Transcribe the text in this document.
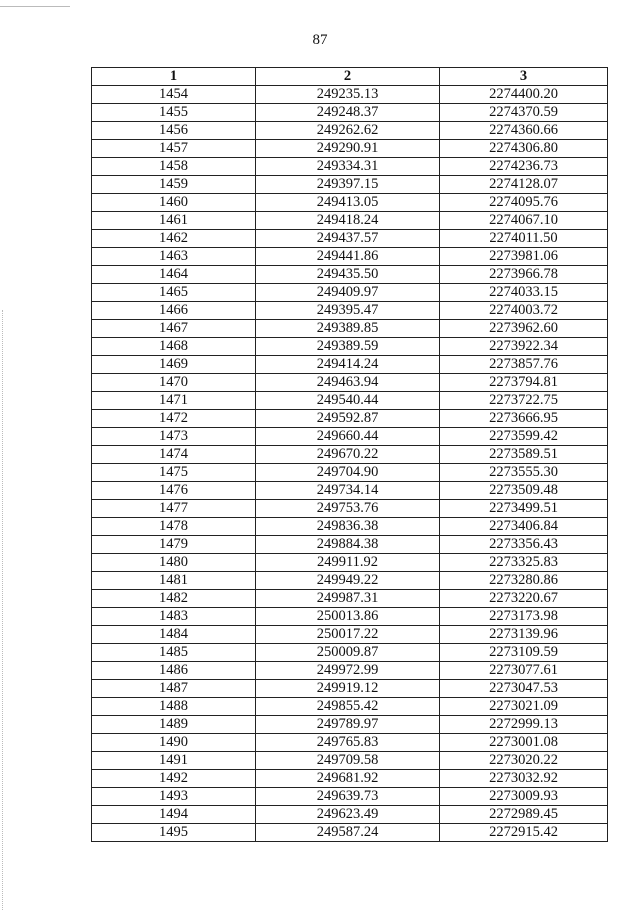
87
1	2	3
1454	249235.13	2274400.20
1455	249248.37	2274370.59
1456	249262.62	2274360.66
1457	249290.91	2274306.80
1458	249334.31	2274236.73
1459	249397.15	2274128.07
1460	249413.05	2274095.76
1461	249418.24	2274067.10
1462	249437.57	2274011.50
1463	249441.86	2273981.06
1464	249435.50	2273966.78
1465	249409.97	2274033.15
1466	249395.47	2274003.72
1467	249389.85	2273962.60
1468	249389.59	2273922.34
1469	249414.24	2273857.76
1470	249463.94	2273794.81
1471	249540.44	2273722.75
1472	249592.87	2273666.95
1473	249660.44	2273599.42
1474	249670.22	2273589.51
1475	249704.90	2273555.30
1476	249734.14	2273509.48
1477	249753.76	2273499.51
1478	249836.38	2273406.84
1479	249884.38	2273356.43
1480	249911.92	2273325.83
1481	249949.22	2273280.86
1482	249987.31	2273220.67
1483	250013.86	2273173.98
1484	250017.22	2273139.96
1485	250009.87	2273109.59
1486	249972.99	2273077.61
1487	249919.12	2273047.53
1488	249855.42	2273021.09
1489	249789.97	2272999.13
1490	249765.83	2273001.08
1491	249709.58	2273020.22
1492	249681.92	2273032.92
1493	249639.73	2273009.93
1494	249623.49	2272989.45
1495	249587.24	2272915.42
